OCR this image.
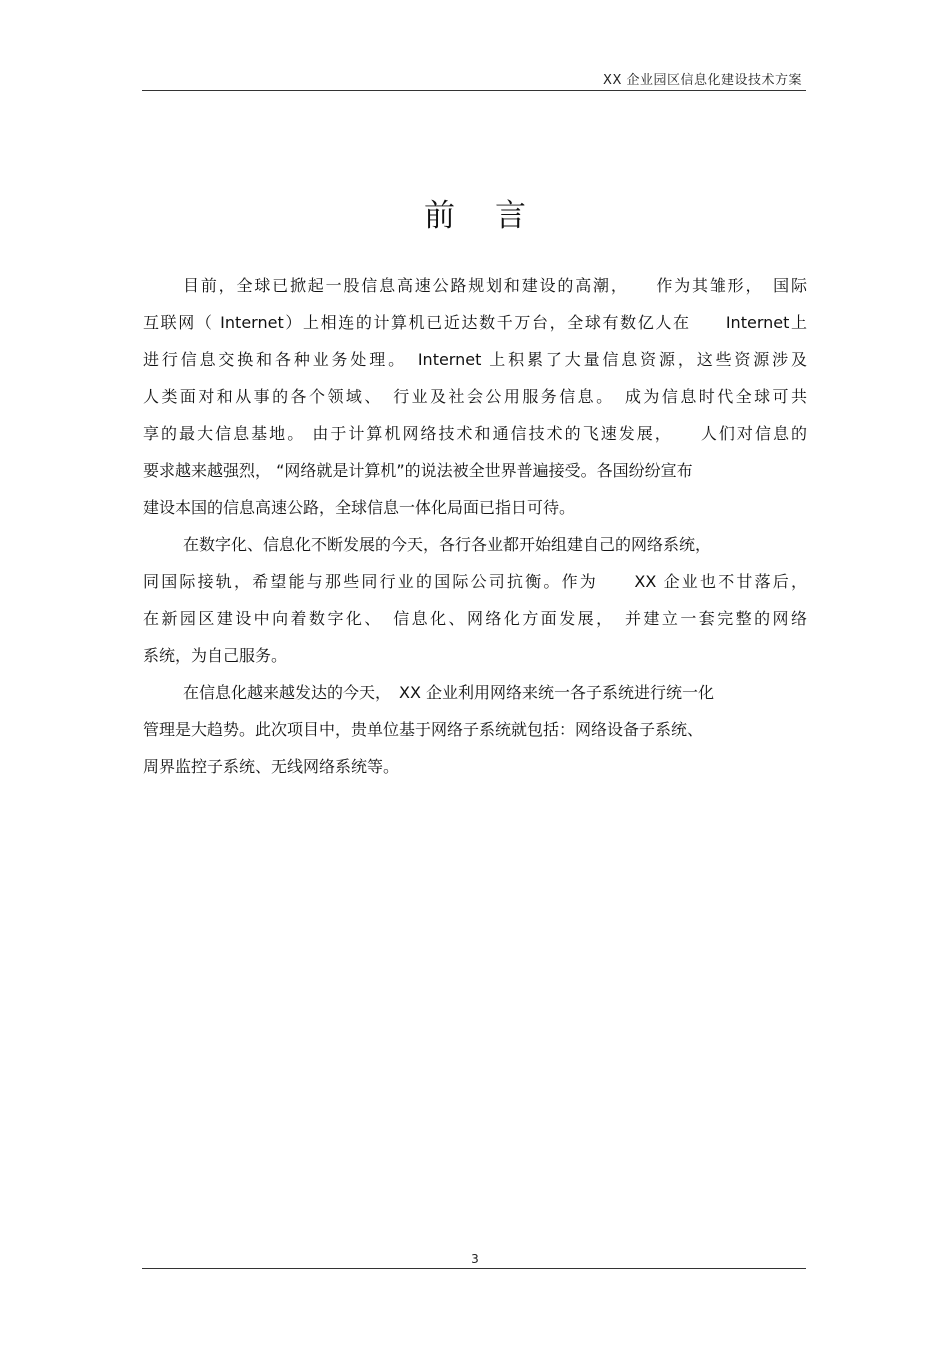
XX 企业园区信息化建设技术方案
前 言
目前，全球已掀起一股信息高速公路规划和建设的高潮，　　作为其雏形，　国际
互联网（ Internet）上相连的计算机已近达数千万台，全球有数亿人在　　Internet上
进行信息交换和各种业务处理。　Internet 上积累了大量信息资源，这些资源涉及
人类面对和从事的各个领域、　行业及社会公用服务信息。　成为信息时代全球可共
享的最大信息基地。 由于计算机网络技术和通信技术的飞速发展，　　人们对信息的
要求越来越强烈， “网络就是计算机”的说法被全世界普遍接受。各国纷纷宣布
建设本国的信息高速公路，全球信息一体化局面已指日可待。
在数字化、信息化不断发展的今天，各行各业都开始组建自己的网络系统，
同国际接轨，希望能与那些同行业的国际公司抗衡。作为　　XX 企业也不甘落后，
在新园区建设中向着数字化、　信息化、网络化方面发展，　并建立一套完整的网络
系统，为自己服务。
在信息化越来越发达的今天，　XX 企业利用网络来统一各子系统进行统一化
管理是大趋势。此次项目中，贵单位基于网络子系统就包括：网络设备子系统、
周界监控子系统、无线网络系统等。
3
